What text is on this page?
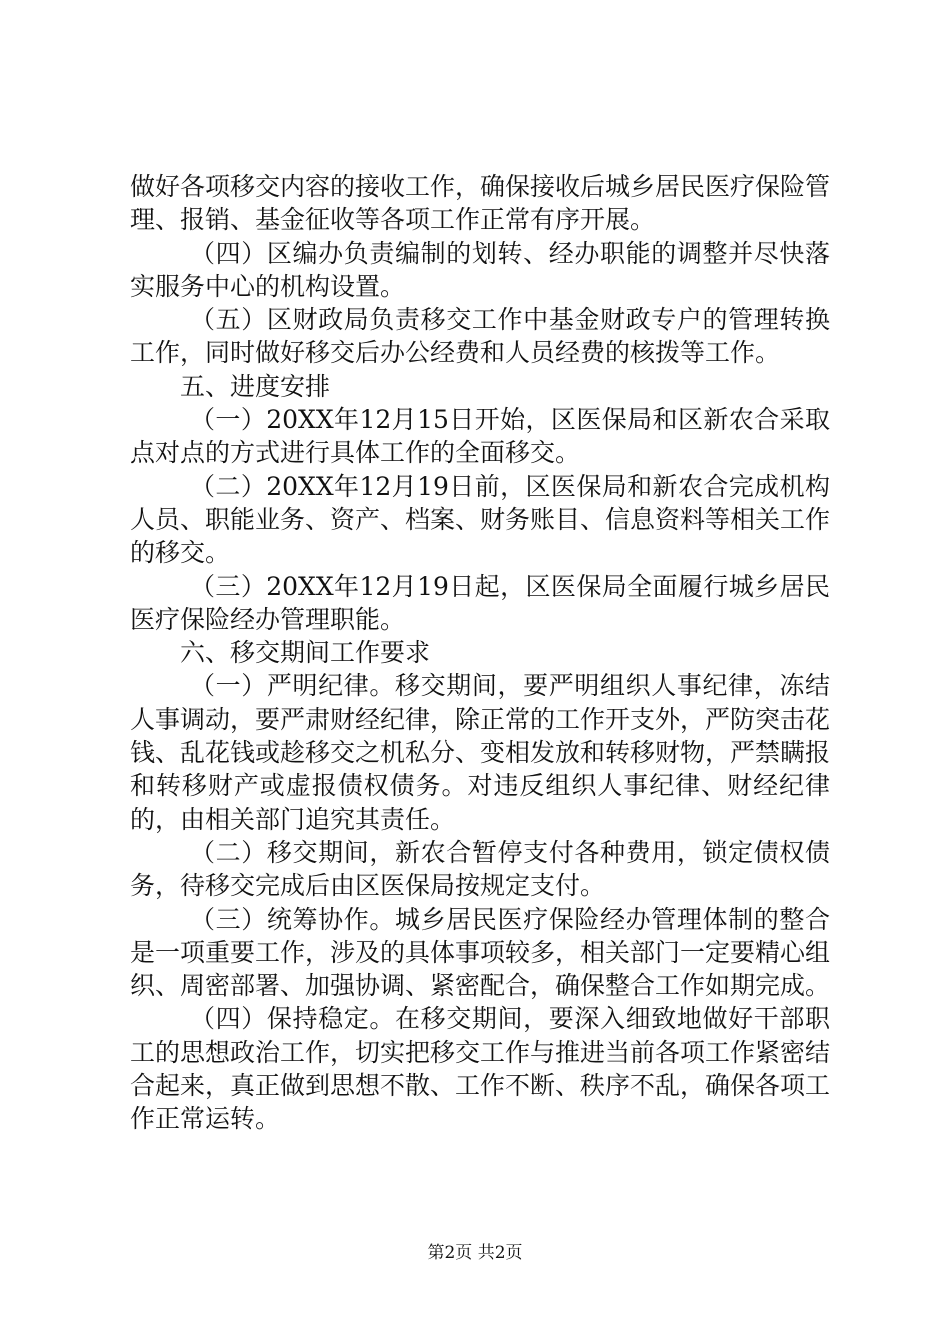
做好各项移交内容的接收工作，确保接收后城乡居民医疗保险管理、报销、基金征收等各项工作正常有序开展。

（四）区编办负责编制的划转、经办职能的调整并尽快落实服务中心的机构设置。

（五）区财政局负责移交工作中基金财政专户的管理转换工作，同时做好移交后办公经费和人员经费的核拨等工作。

五、进度安排

（一）20XX年12月15日开始，区医保局和区新农合采取点对点的方式进行具体工作的全面移交。

（二）20XX年12月19日前，区医保局和新农合完成机构人员、职能业务、资产、档案、财务账目、信息资料等相关工作的移交。

（三）20XX年12月19日起，区医保局全面履行城乡居民医疗保险经办管理职能。

六、移交期间工作要求

（一）严明纪律。移交期间，要严明组织人事纪律，冻结人事调动，要严肃财经纪律，除正常的工作开支外，严防突击花钱、乱花钱或趁移交之机私分、变相发放和转移财物，严禁瞒报和转移财产或虚报债权债务。对违反组织人事纪律、财经纪律的，由相关部门追究其责任。

（二）移交期间，新农合暂停支付各种费用，锁定债权债务，待移交完成后由区医保局按规定支付。

（三）统筹协作。城乡居民医疗保险经办管理体制的整合是一项重要工作，涉及的具体事项较多，相关部门一定要精心组织、周密部署、加强协调、紧密配合，确保整合工作如期完成。

（四）保持稳定。在移交期间，要深入细致地做好干部职工的思想政治工作，切实把移交工作与推进当前各项工作紧密结合起来，真正做到思想不散、工作不断、秩序不乱，确保各项工作正常运转。

第2页 共2页
